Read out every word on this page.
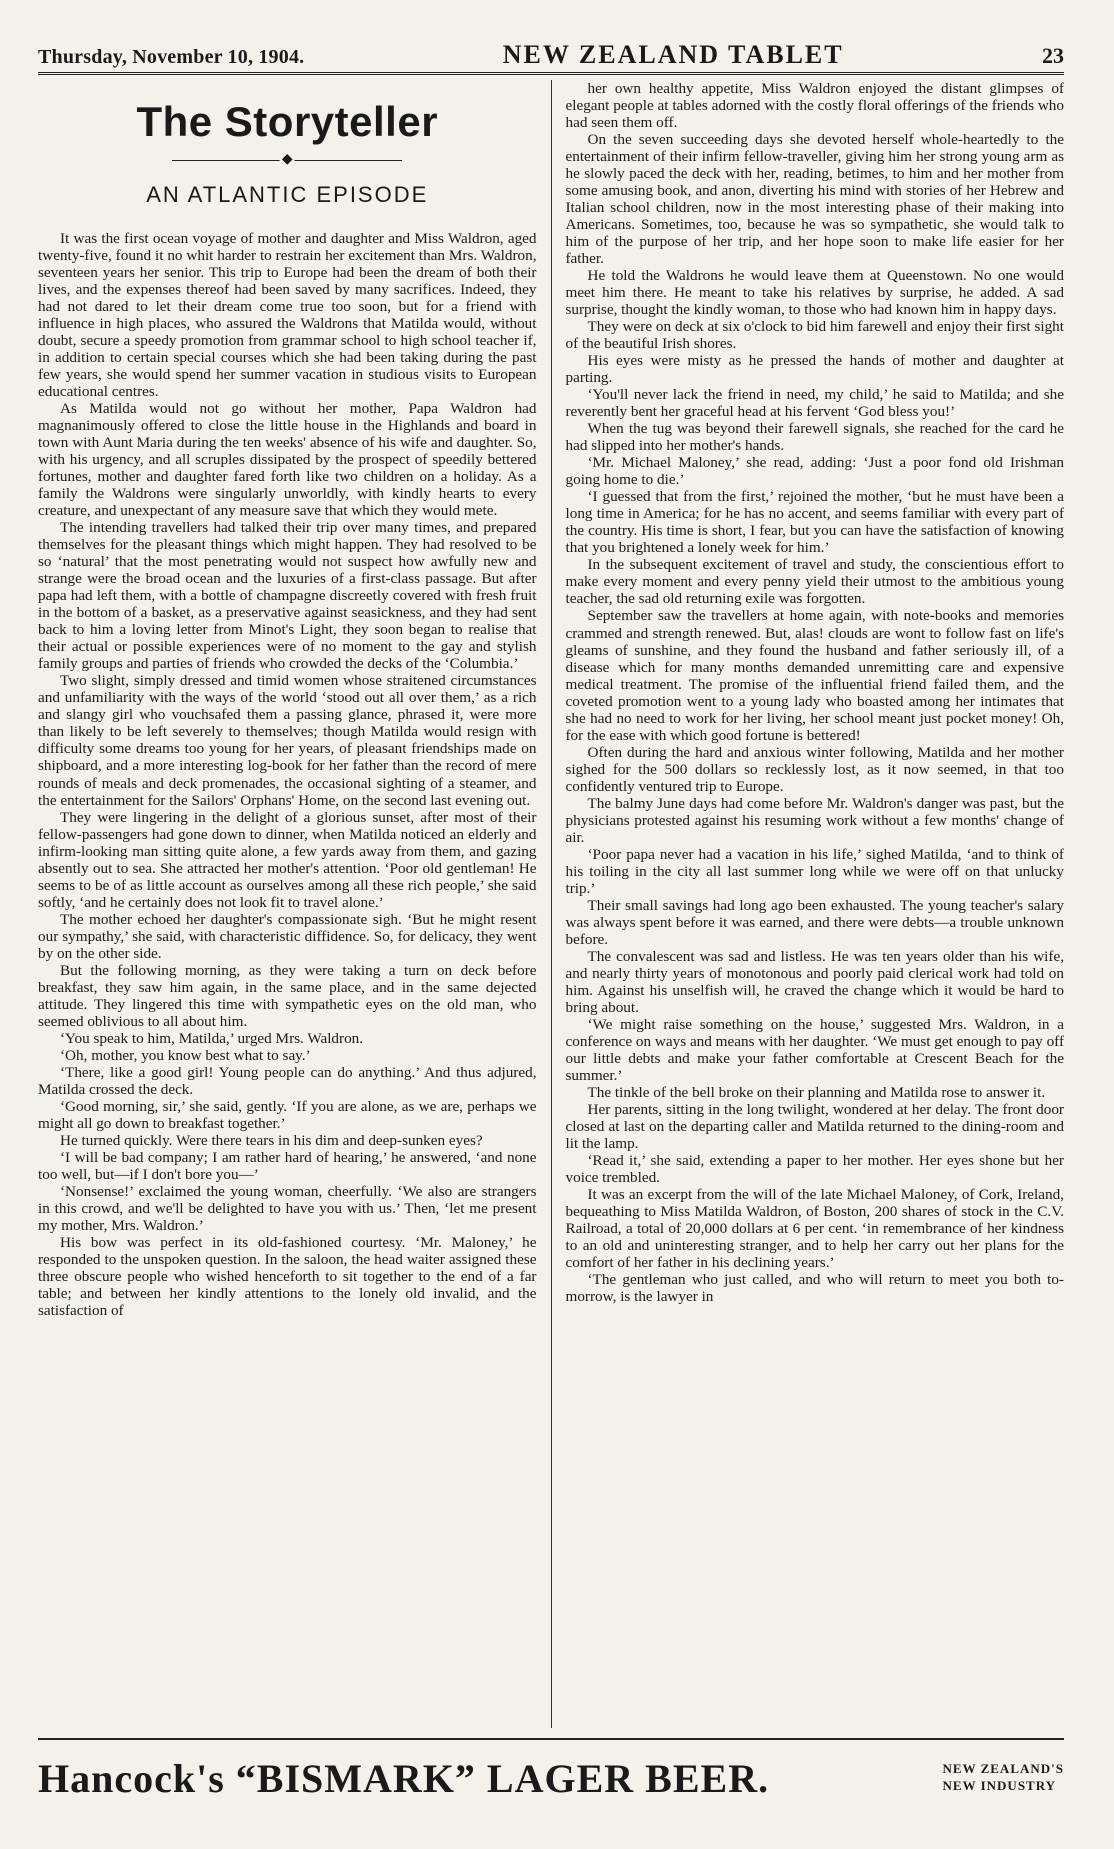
Thursday, November 10, 1904.	NEW ZEALAND TABLET	23
The Storyteller
◆
AN ATLANTIC EPISODE

It was the first ocean voyage of mother and daughter and Miss Waldron, aged twenty-five, found it no whit harder to restrain her excitement than Mrs. Waldron, seventeen years her senior. This trip to Europe had been the dream of both their lives, and the expenses thereof had been saved by many sacrifices. Indeed, they had not dared to let their dream come true too soon, but for a friend with influence in high places, who assured the Waldrons that Matilda would, without doubt, secure a speedy promotion from grammar school to high school teacher if, in addition to certain special courses which she had been taking during the past few years, she would spend her summer vacation in studious visits to European educational centres.

As Matilda would not go without her mother, Papa Waldron had magnanimously offered to close the little house in the Highlands and board in town with Aunt Maria during the ten weeks' absence of his wife and daughter. So, with his urgency, and all scruples dissipated by the prospect of speedily bettered fortunes, mother and daughter fared forth like two children on a holiday. As a family the Waldrons were singularly unworldly, with kindly hearts to every creature, and unexpectant of any measure save that which they would mete.

The intending travellers had talked their trip over many times, and prepared themselves for the pleasant things which might happen. They had resolved to be so ‘natural’ that the most penetrating would not suspect how awfully new and strange were the broad ocean and the luxuries of a first-class passage. But after papa had left them, with a bottle of champagne discreetly covered with fresh fruit in the bottom of a basket, as a preservative against seasickness, and they had sent back to him a loving letter from Minot's Light, they soon began to realise that their actual or possible experiences were of no moment to the gay and stylish family groups and parties of friends who crowded the decks of the ‘Columbia.’

Two slight, simply dressed and timid women whose straitened circumstances and unfamiliarity with the ways of the world ‘stood out all over them,’ as a rich and slangy girl who vouchsafed them a passing glance, phrased it, were more than likely to be left severely to themselves; though Matilda would resign with difficulty some dreams too young for her years, of pleasant friendships made on shipboard, and a more interesting log-book for her father than the record of mere rounds of meals and deck promenades, the occasional sighting of a steamer, and the entertainment for the Sailors' Orphans' Home, on the second last evening out.

They were lingering in the delight of a glorious sunset, after most of their fellow-passengers had gone down to dinner, when Matilda noticed an elderly and infirm-looking man sitting quite alone, a few yards away from them, and gazing absently out to sea. She attracted her mother's attention. ‘Poor old gentleman! He seems to be of as little account as ourselves among all these rich people,’ she said softly, ‘and he certainly does not look fit to travel alone.’

The mother echoed her daughter's compassionate sigh. ‘But he might resent our sympathy,’ she said, with characteristic diffidence. So, for delicacy, they went by on the other side.

But the following morning, as they were taking a turn on deck before breakfast, they saw him again, in the same place, and in the same dejected attitude. They lingered this time with sympathetic eyes on the old man, who seemed oblivious to all about him.

‘You speak to him, Matilda,’ urged Mrs. Waldron.

‘Oh, mother, you know best what to say.’

‘There, like a good girl! Young people can do anything.’ And thus adjured, Matilda crossed the deck.

‘Good morning, sir,’ she said, gently. ‘If you are alone, as we are, perhaps we might all go down to breakfast together.’

He turned quickly. Were there tears in his dim and deep-sunken eyes?

‘I will be bad company; I am rather hard of hearing,’ he answered, ‘and none too well, but—if I don't bore you—’

‘Nonsense!’ exclaimed the young woman, cheerfully. ‘We also are strangers in this crowd, and we'll be delighted to have you with us.’ Then, ‘let me present my mother, Mrs. Waldron.’

His bow was perfect in its old-fashioned courtesy. ‘Mr. Maloney,’ he responded to the unspoken question. In the saloon, the head waiter assigned these three obscure people who wished henceforth to sit together to the end of a far table; and between her kindly attentions to the lonely old invalid, and the satisfaction of

her own healthy appetite, Miss Waldron enjoyed the distant glimpses of elegant people at tables adorned with the costly floral offerings of the friends who had seen them off.

On the seven succeeding days she devoted herself whole-heartedly to the entertainment of their infirm fellow-traveller, giving him her strong young arm as he slowly paced the deck with her, reading, betimes, to him and her mother from some amusing book, and anon, diverting his mind with stories of her Hebrew and Italian school children, now in the most interesting phase of their making into Americans. Sometimes, too, because he was so sympathetic, she would talk to him of the purpose of her trip, and her hope soon to make life easier for her father.

He told the Waldrons he would leave them at Queenstown. No one would meet him there. He meant to take his relatives by surprise, he added. A sad surprise, thought the kindly woman, to those who had known him in happy days.

They were on deck at six o'clock to bid him farewell and enjoy their first sight of the beautiful Irish shores.

His eyes were misty as he pressed the hands of mother and daughter at parting.

‘You'll never lack the friend in need, my child,’ he said to Matilda; and she reverently bent her graceful head at his fervent ‘God bless you!’

When the tug was beyond their farewell signals, she reached for the card he had slipped into her mother's hands.

‘Mr. Michael Maloney,’ she read, adding: ‘Just a poor fond old Irishman going home to die.’

‘I guessed that from the first,’ rejoined the mother, ‘but he must have been a long time in America; for he has no accent, and seems familiar with every part of the country. His time is short, I fear, but you can have the satisfaction of knowing that you brightened a lonely week for him.’

In the subsequent excitement of travel and study, the conscientious effort to make every moment and every penny yield their utmost to the ambitious young teacher, the sad old returning exile was forgotten.

September saw the travellers at home again, with note-books and memories crammed and strength renewed. But, alas! clouds are wont to follow fast on life's gleams of sunshine, and they found the husband and father seriously ill, of a disease which for many months demanded unremitting care and expensive medical treatment. The promise of the influential friend failed them, and the coveted promotion went to a young lady who boasted among her intimates that she had no need to work for her living, her school meant just pocket money! Oh, for the ease with which good fortune is bettered!

Often during the hard and anxious winter following, Matilda and her mother sighed for the 500 dollars so recklessly lost, as it now seemed, in that too confidently ventured trip to Europe.

The balmy June days had come before Mr. Waldron's danger was past, but the physicians protested against his resuming work without a few months' change of air.

‘Poor papa never had a vacation in his life,’ sighed Matilda, ‘and to think of his toiling in the city all last summer long while we were off on that unlucky trip.’

Their small savings had long ago been exhausted. The young teacher's salary was always spent before it was earned, and there were debts—a trouble unknown before.

The convalescent was sad and listless. He was ten years older than his wife, and nearly thirty years of monotonous and poorly paid clerical work had told on him. Against his unselfish will, he craved the change which it would be hard to bring about.

‘We might raise something on the house,’ suggested Mrs. Waldron, in a conference on ways and means with her daughter. ‘We must get enough to pay off our little debts and make your father comfortable at Crescent Beach for the summer.’

The tinkle of the bell broke on their planning and Matilda rose to answer it.

Her parents, sitting in the long twilight, wondered at her delay. The front door closed at last on the departing caller and Matilda returned to the dining-room and lit the lamp.

‘Read it,’ she said, extending a paper to her mother. Her eyes shone but her voice trembled.

It was an excerpt from the will of the late Michael Maloney, of Cork, Ireland, bequeathing to Miss Matilda Waldron, of Boston, 200 shares of stock in the C.V. Railroad, a total of 20,000 dollars at 6 per cent. ‘in remembrance of her kindness to an old and uninteresting stranger, and to help her carry out her plans for the comfort of her father in his declining years.’

‘The gentleman who just called, and who will return to meet you both to-morrow, is the lawyer in

Hancock's “BISMARK” LAGER BEER.	NEW ZEALAND'S
NEW INDUSTRY
